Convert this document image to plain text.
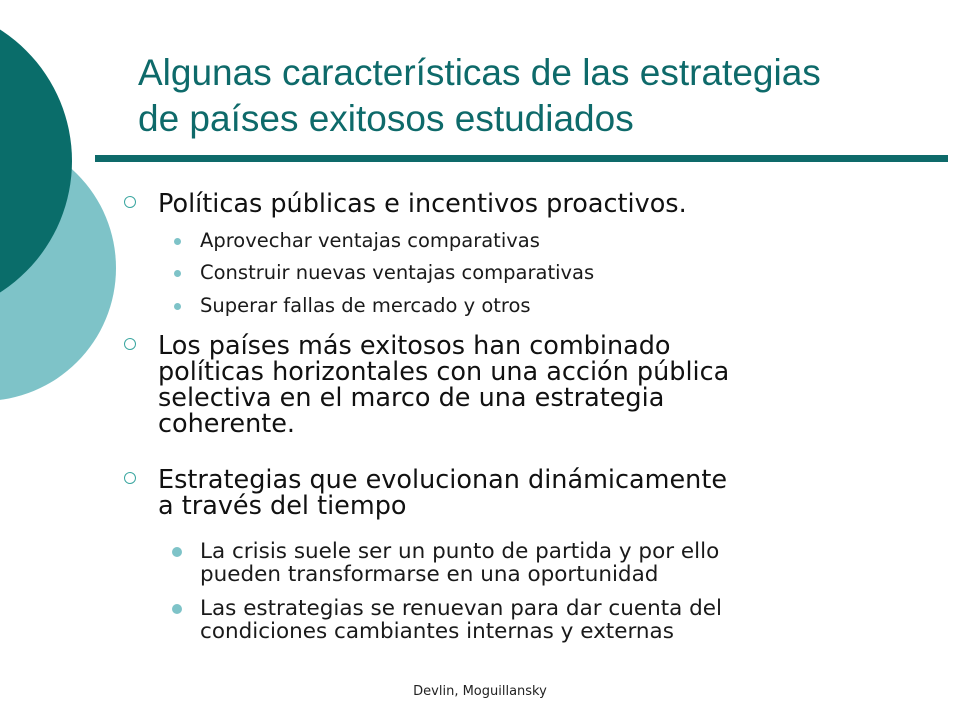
Algunas características de las estrategias
de países exitosos estudiados
Políticas públicas e incentivos proactivos.
Aprovechar ventajas comparativas
Construir nuevas ventajas comparativas
Superar fallas de mercado y otros
Los países más exitosos han combinado
políticas horizontales con una acción pública
selectiva en el marco de una estrategia
coherente.
Estrategias que evolucionan dinámicamente
a través del tiempo
La crisis suele ser un punto de partida y por ello
pueden transformarse en una oportunidad
Las estrategias se renuevan para dar cuenta del
condiciones cambiantes internas y externas
Devlin, Moguillansky
